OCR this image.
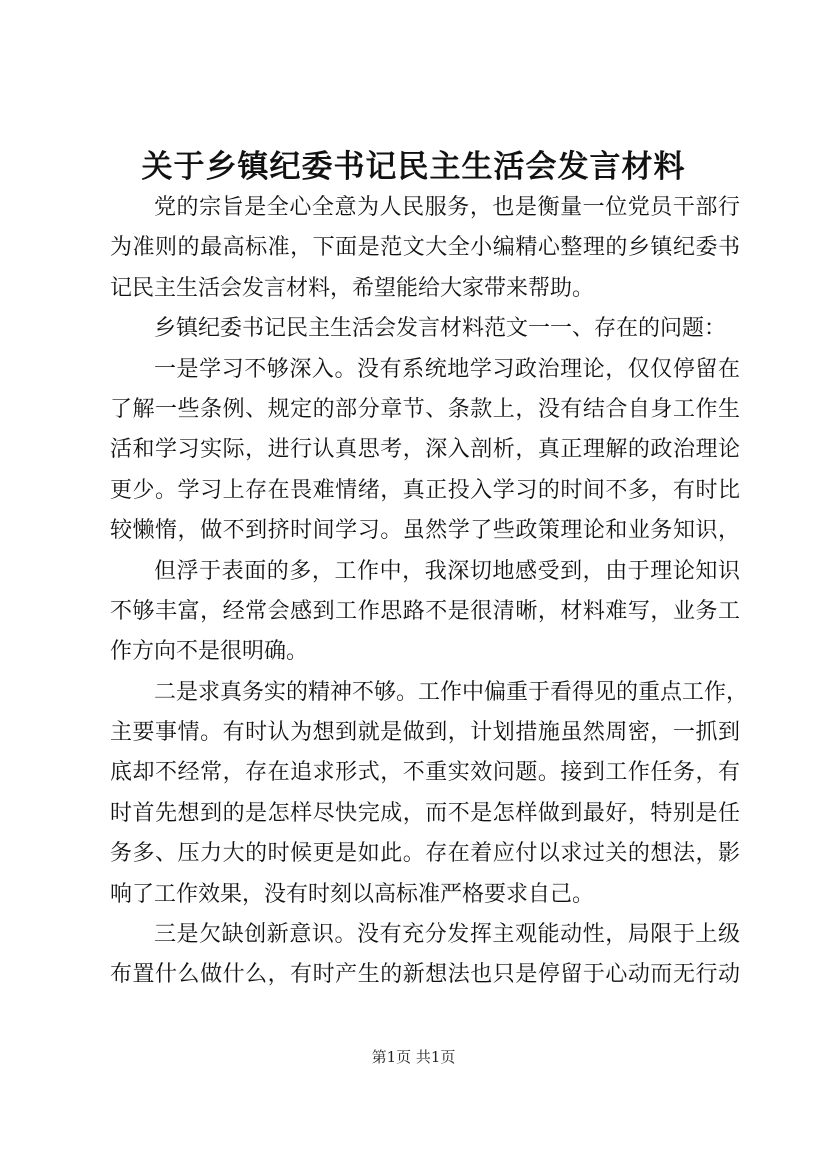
关于乡镇纪委书记民主生活会发言材料
党的宗旨是全心全意为人民服务，也是衡量一位党员干部行
为准则的最高标准，下面是范文大全小编精心整理的乡镇纪委书
记民主生活会发言材料，希望能给大家带来帮助。
乡镇纪委书记民主生活会发言材料范文一一、存在的问题：
一是学习不够深入。没有系统地学习政治理论，仅仅停留在
了解一些条例、规定的部分章节、条款上，没有结合自身工作生
活和学习实际，进行认真思考，深入剖析，真正理解的政治理论
更少。学习上存在畏难情绪，真正投入学习的时间不多，有时比
较懒惰，做不到挤时间学习。虽然学了些政策理论和业务知识，
但浮于表面的多，工作中，我深切地感受到，由于理论知识
不够丰富，经常会感到工作思路不是很清晰，材料难写，业务工
作方向不是很明确。
二是求真务实的精神不够。工作中偏重于看得见的重点工作，
主要事情。有时认为想到就是做到，计划措施虽然周密，一抓到
底却不经常，存在追求形式，不重实效问题。接到工作任务，有
时首先想到的是怎样尽快完成，而不是怎样做到最好，特别是任
务多、压力大的时候更是如此。存在着应付以求过关的想法，影
响了工作效果，没有时刻以高标准严格要求自己。
三是欠缺创新意识。没有充分发挥主观能动性，局限于上级
布置什么做什么，有时产生的新想法也只是停留于心动而无行动
第1页 共1页
